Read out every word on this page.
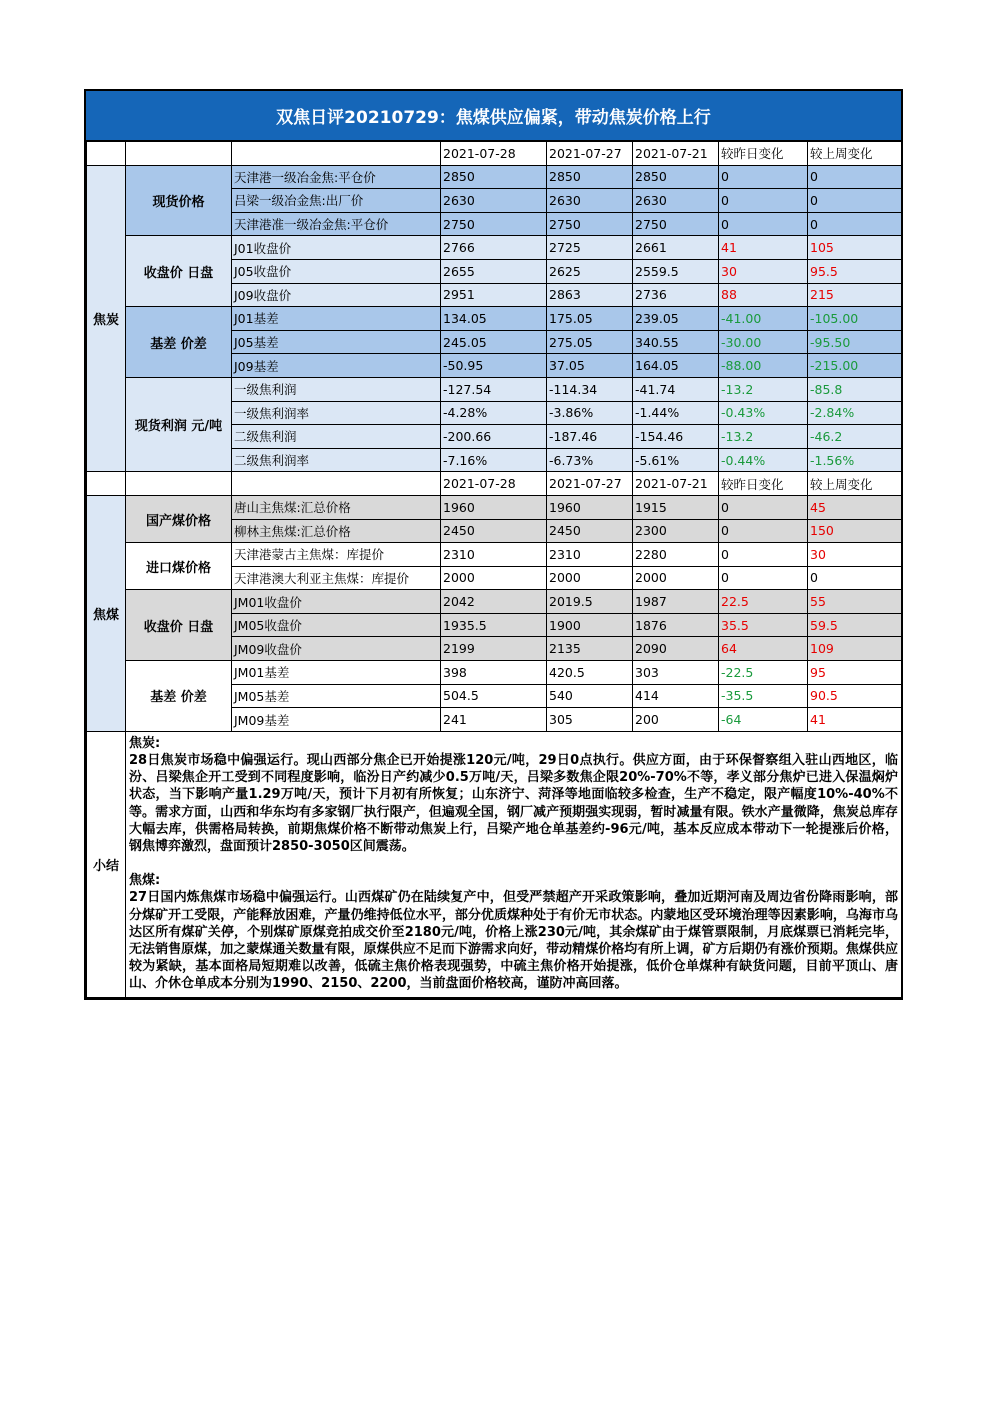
双焦日评20210729：焦煤供应偏紧，带动焦炭价格上行
			2021-07-28	2021-07-27	2021-07-21	较昨日变化	较上周变化
焦炭	现货价格	天津港一级冶金焦:平仓价	2850	2850	2850	0	0
		吕梁一级冶金焦:出厂价	2630	2630	2630	0	0
		天津港准一级冶金焦:平仓价	2750	2750	2750	0	0
	收盘价 日盘	J01收盘价	2766	2725	2661	41	105
		J05收盘价	2655	2625	2559.5	30	95.5
		J09收盘价	2951	2863	2736	88	215
	基差 价差	J01基差	134.05	175.05	239.05	-41.00	-105.00
		J05基差	245.05	275.05	340.55	-30.00	-95.50
		J09基差	-50.95	37.05	164.05	-88.00	-215.00
	现货利润 元/吨	一级焦利润	-127.54	-114.34	-41.74	-13.2	-85.8
		一级焦利润率	-4.28%	-3.86%	-1.44%	-0.43%	-2.84%
		二级焦利润	-200.66	-187.46	-154.46	-13.2	-46.2
		二级焦利润率	-7.16%	-6.73%	-5.61%	-0.44%	-1.56%
			2021-07-28	2021-07-27	2021-07-21	较昨日变化	较上周变化
焦煤	国产煤价格	唐山主焦煤:汇总价格	1960	1960	1915	0	45
		柳林主焦煤:汇总价格	2450	2450	2300	0	150
	进口煤价格	天津港蒙古主焦煤：库提价	2310	2310	2280	0	30
		天津港澳大利亚主焦煤：库提价	2000	2000	2000	0	0
	收盘价 日盘	JM01收盘价	2042	2019.5	1987	22.5	55
		JM05收盘价	1935.5	1900	1876	35.5	59.5
		JM09收盘价	2199	2135	2090	64	109
	基差 价差	JM01基差	398	420.5	303	-22.5	95
		JM05基差	504.5	540	414	-35.5	90.5
		JM09基差	241	305	200	-64	41
小结	焦炭:
28日焦炭市场稳中偏强运行。现山西部分焦企已开始提涨120元/吨，29日0点执行。供应方面，由于环保督察组入驻山西地区，临汾、吕梁焦企开工受到不同程度影响，临汾日产约减少0.5万吨/天，吕梁多数焦企限20%-70%不等，孝义部分焦炉已进入保温焖炉状态，当下影响产量1.29万吨/天，预计下月初有所恢复；山东济宁、菏泽等地面临较多检查，生产不稳定，限产幅度10%-40%不等。需求方面，山西和华东均有多家钢厂执行限产，但遍观全国，钢厂减产预期强实现弱，暂时减量有限。铁水产量微降，焦炭总库存大幅去库，供需格局转换，前期焦煤价格不断带动焦炭上行，吕梁产地仓单基差约-96元/吨，基本反应成本带动下一轮提涨后价格，钢焦博弈激烈，盘面预计2850-3050区间震荡。
焦煤:
27日国内炼焦煤市场稳中偏强运行。山西煤矿仍在陆续复产中，但受严禁超产开采政策影响，叠加近期河南及周边省份降雨影响，部分煤矿开工受限，产能释放困难，产量仍维持低位水平，部分优质煤种处于有价无市状态。内蒙地区受环境治理等因素影响，乌海市乌达区所有煤矿关停，个别煤矿原煤竞拍成交价至2180元/吨，价格上涨230元/吨，其余煤矿由于煤管票限制，月底煤票已消耗完毕，无法销售原煤，加之蒙煤通关数量有限，原煤供应不足而下游需求向好，带动精煤价格均有所上调，矿方后期仍有涨价预期。焦煤供应较为紧缺，基本面格局短期难以改善，低硫主焦价格表现强势，中硫主焦价格开始提涨，低价仓单煤种有缺货问题，目前平顶山、唐山、介休仓单成本分别为1990、2150、2200，当前盘面价格较高，谨防冲高回落。						
